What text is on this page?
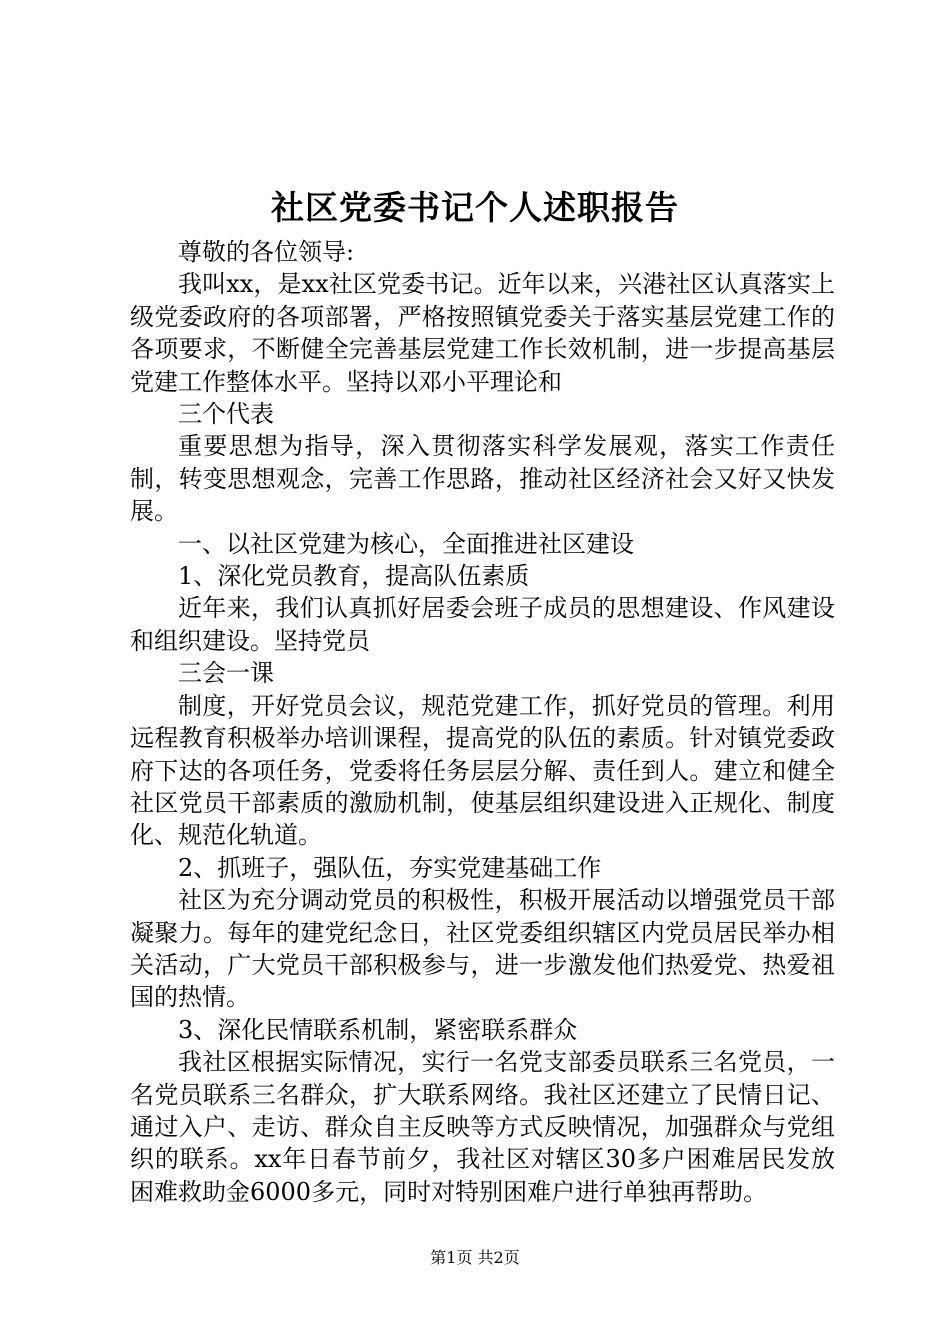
社区党委书记个人述职报告

尊敬的各位领导:

我叫xx，是xx社区党委书记。近年以来，兴港社区认真落实上级党委政府的各项部署，严格按照镇党委关于落实基层党建工作的各项要求，不断健全完善基层党建工作长效机制，进一步提高基层党建工作整体水平。坚持以邓小平理论和

三个代表

重要思想为指导，深入贯彻落实科学发展观，落实工作责任制，转变思想观念，完善工作思路，推动社区经济社会又好又快发展。

一、以社区党建为核心，全面推进社区建设

1、深化党员教育，提高队伍素质

近年来，我们认真抓好居委会班子成员的思想建设、作风建设和组织建设。坚持党员

三会一课

制度，开好党员会议，规范党建工作，抓好党员的管理。利用远程教育积极举办培训课程，提高党的队伍的素质。针对镇党委政府下达的各项任务，党委将任务层层分解、责任到人。建立和健全社区党员干部素质的激励机制，使基层组织建设进入正规化、制度化、规范化轨道。

2、抓班子，强队伍，夯实党建基础工作

社区为充分调动党员的积极性，积极开展活动以增强党员干部凝聚力。每年的建党纪念日，社区党委组织辖区内党员居民举办相关活动，广大党员干部积极参与，进一步激发他们热爱党、热爱祖国的热情。

3、深化民情联系机制，紧密联系群众

我社区根据实际情况，实行一名党支部委员联系三名党员，一名党员联系三名群众，扩大联系网络。我社区还建立了民情日记、通过入户、走访、群众自主反映等方式反映情况，加强群众与党组织的联系。xx年日春节前夕，我社区对辖区30多户困难居民发放困难救助金6000多元，同时对特别困难户进行单独再帮助。

第1页 共2页
